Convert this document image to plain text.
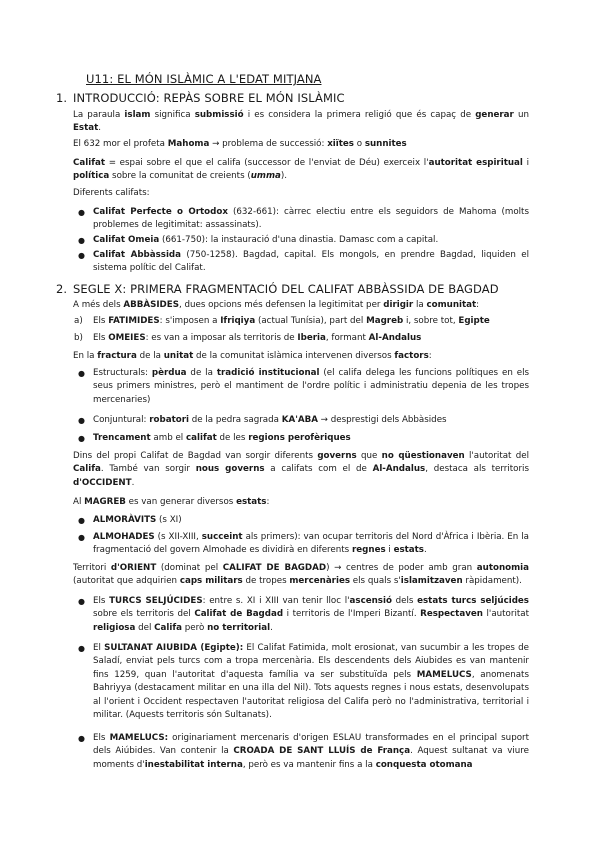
U11: EL MÓN ISLÀMIC A L'EDAT MITJANA
1. INTRODUCCIÓ: REPÀS SOBRE EL MÓN ISLÀMIC
La paraula islam significa submissió i es considera la primera religió que és capaç de generar un Estat.
El 632 mor el profeta Mahoma → problema de successió: xiïtes o sunnites
Califat = espai sobre el que el califa (successor de l'enviat de Déu) exerceix l'autoritat espiritual i política sobre la comunitat de creients (umma).
Diferents califats:
● Califat Perfecte o Ortodox (632-661): càrrec electiu entre els seguidors de Mahoma (molts problemes de legitimitat: assassinats).
● Califat Omeia (661-750): la instauració d'una dinastia. Damasc com a capital.
● Califat Abbàssida (750-1258). Bagdad, capital. Els mongols, en prendre Bagdad, liquiden el sistema polític del Califat.
2. SEGLE X: PRIMERA FRAGMENTACIÓ DEL CALIFAT ABBÀSSIDA DE BAGDAD
A més dels ABBÀSIDES, dues opcions més defensen la legitimitat per dirigir la comunitat:
a) Els FATIMIDES: s'imposen a Ifriqiya (actual Tunísia), part del Magreb i, sobre tot, Egipte
b) Els OMEIES: es van a imposar als territoris de Iberia, formant Al-Andalus
En la fractura de la unitat de la comunitat islàmica intervenen diversos factors:
● Estructurals: pèrdua de la tradició institucional (el califa delega les funcions polítiques en els seus primers ministres, però el mantiment de l'ordre polític i administratiu depenia de les tropes mercenaries)
● Conjuntural: robatori de la pedra sagrada KA'ABA → desprestigi dels Abbàsides
● Trencament amb el califat de les regions perofèriques
Dins del propi Califat de Bagdad van sorgir diferents governs que no qüestionaven l'autoritat del Califa. També van sorgir nous governs a califats com el de Al-Andalus, destaca als territoris d'OCCIDENT.
Al MAGREB es van generar diversos estats:
● ALMORÀVITS (s XI)
● ALMOHADES (s XII-XIII, succeint als primers): van ocupar territoris del Nord d'Àfrica i Ibèria. En la fragmentació del govern Almohade es dividirà en diferents regnes i estats.
Territori d'ORIENT (dominat pel CALIFAT DE BAGDAD) → centres de poder amb gran autonomia (autoritat que adquirien caps militars de tropes mercenàries els quals s'islamitzaven ràpidament).
● Els TURCS SELJÚCIDES: entre s. XI i XIII van tenir lloc l'ascensió dels estats turcs seljúcides sobre els territoris del Califat de Bagdad i territoris de l'Imperi Bizantí. Respectaven l'autoritat religiosa del Califa però no territorial.
● El SULTANAT AIUBIDA (Egipte): El Califat Fatimida, molt erosionat, van sucumbir a les tropes de Saladí, enviat pels turcs com a tropa mercenària. Els descendents dels Aiubides es van mantenir fins 1259, quan l'autoritat d'aquesta família va ser substituïda pels MAMELUCS, anomenats Bahriyya (destacament militar en una illa del Nil). Tots aquests regnes i nous estats, desenvolupats al l'orient i Occident respectaven l'autoritat religiosa del Califa però no l'administrativa, territorial i militar. (Aquests territoris són Sultanats).
● Els MAMELUCS: originariament mercenaris d'origen ESLAU transformades en el principal suport dels Aiúbides. Van contenir la CROADA DE SANT LLUÍS de França. Aquest sultanat va viure moments d'inestabilitat interna, però es va mantenir fins a la conquesta otomana
